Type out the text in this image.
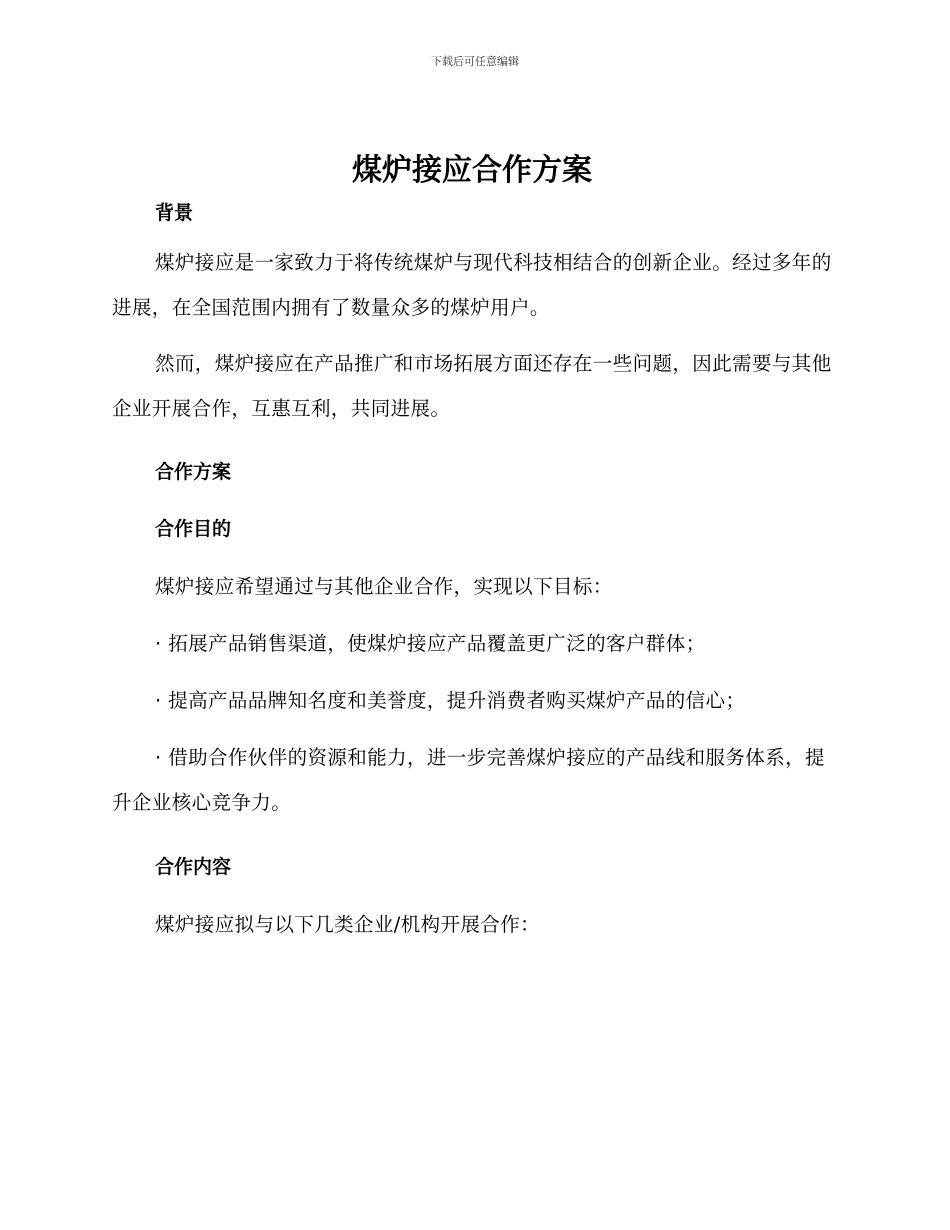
下载后可任意编辑
煤炉接应合作方案
背景

煤炉接应是一家致力于将传统煤炉与现代科技相结合的创新企业。经过多年的进展，在全国范围内拥有了数量众多的煤炉用户。

然而，煤炉接应在产品推广和市场拓展方面还存在一些问题，因此需要与其他企业开展合作，互惠互利，共同进展。

合作方案
合作目的

煤炉接应希望通过与其他企业合作，实现以下目标：

· 拓展产品销售渠道，使煤炉接应产品覆盖更广泛的客户群体；

· 提高产品品牌知名度和美誉度，提升消费者购买煤炉产品的信心；

· 借助合作伙伴的资源和能力，进一步完善煤炉接应的产品线和服务体系，提升企业核心竞争力。

合作内容

煤炉接应拟与以下几类企业/机构开展合作：
